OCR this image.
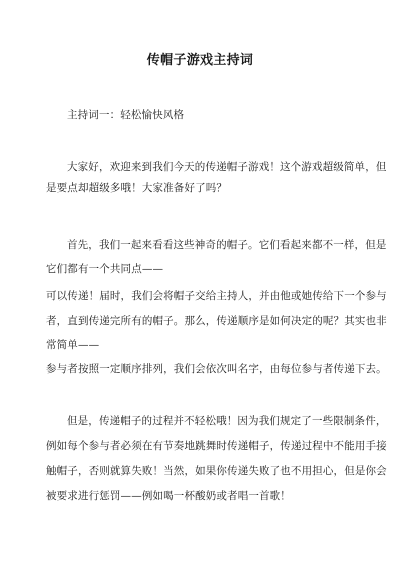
传帽子游戏主持词
主持词一：轻松愉快风格
大家好，欢迎来到我们今天的传递帽子游戏！这个游戏超级简单，但
是要点却超级多哦！大家准备好了吗？
首先，我们一起来看看这些神奇的帽子。它们看起来都不一样，但是
它们都有一个共同点——
可以传递！届时，我们会将帽子交给主持人，并由他或她传给下一个参与
者，直到传递完所有的帽子。那么，传递顺序是如何决定的呢？其实也非
常简单——
参与者按照一定顺序排列，我们会依次叫名字，由每位参与者传递下去。
但是，传递帽子的过程并不轻松哦！因为我们规定了一些限制条件，
例如每个参与者必须在有节奏地跳舞时传递帽子，传递过程中不能用手接
触帽子，否则就算失败！当然，如果你传递失败了也不用担心，但是你会
被要求进行惩罚——例如喝一杯酸奶或者唱一首歌！
